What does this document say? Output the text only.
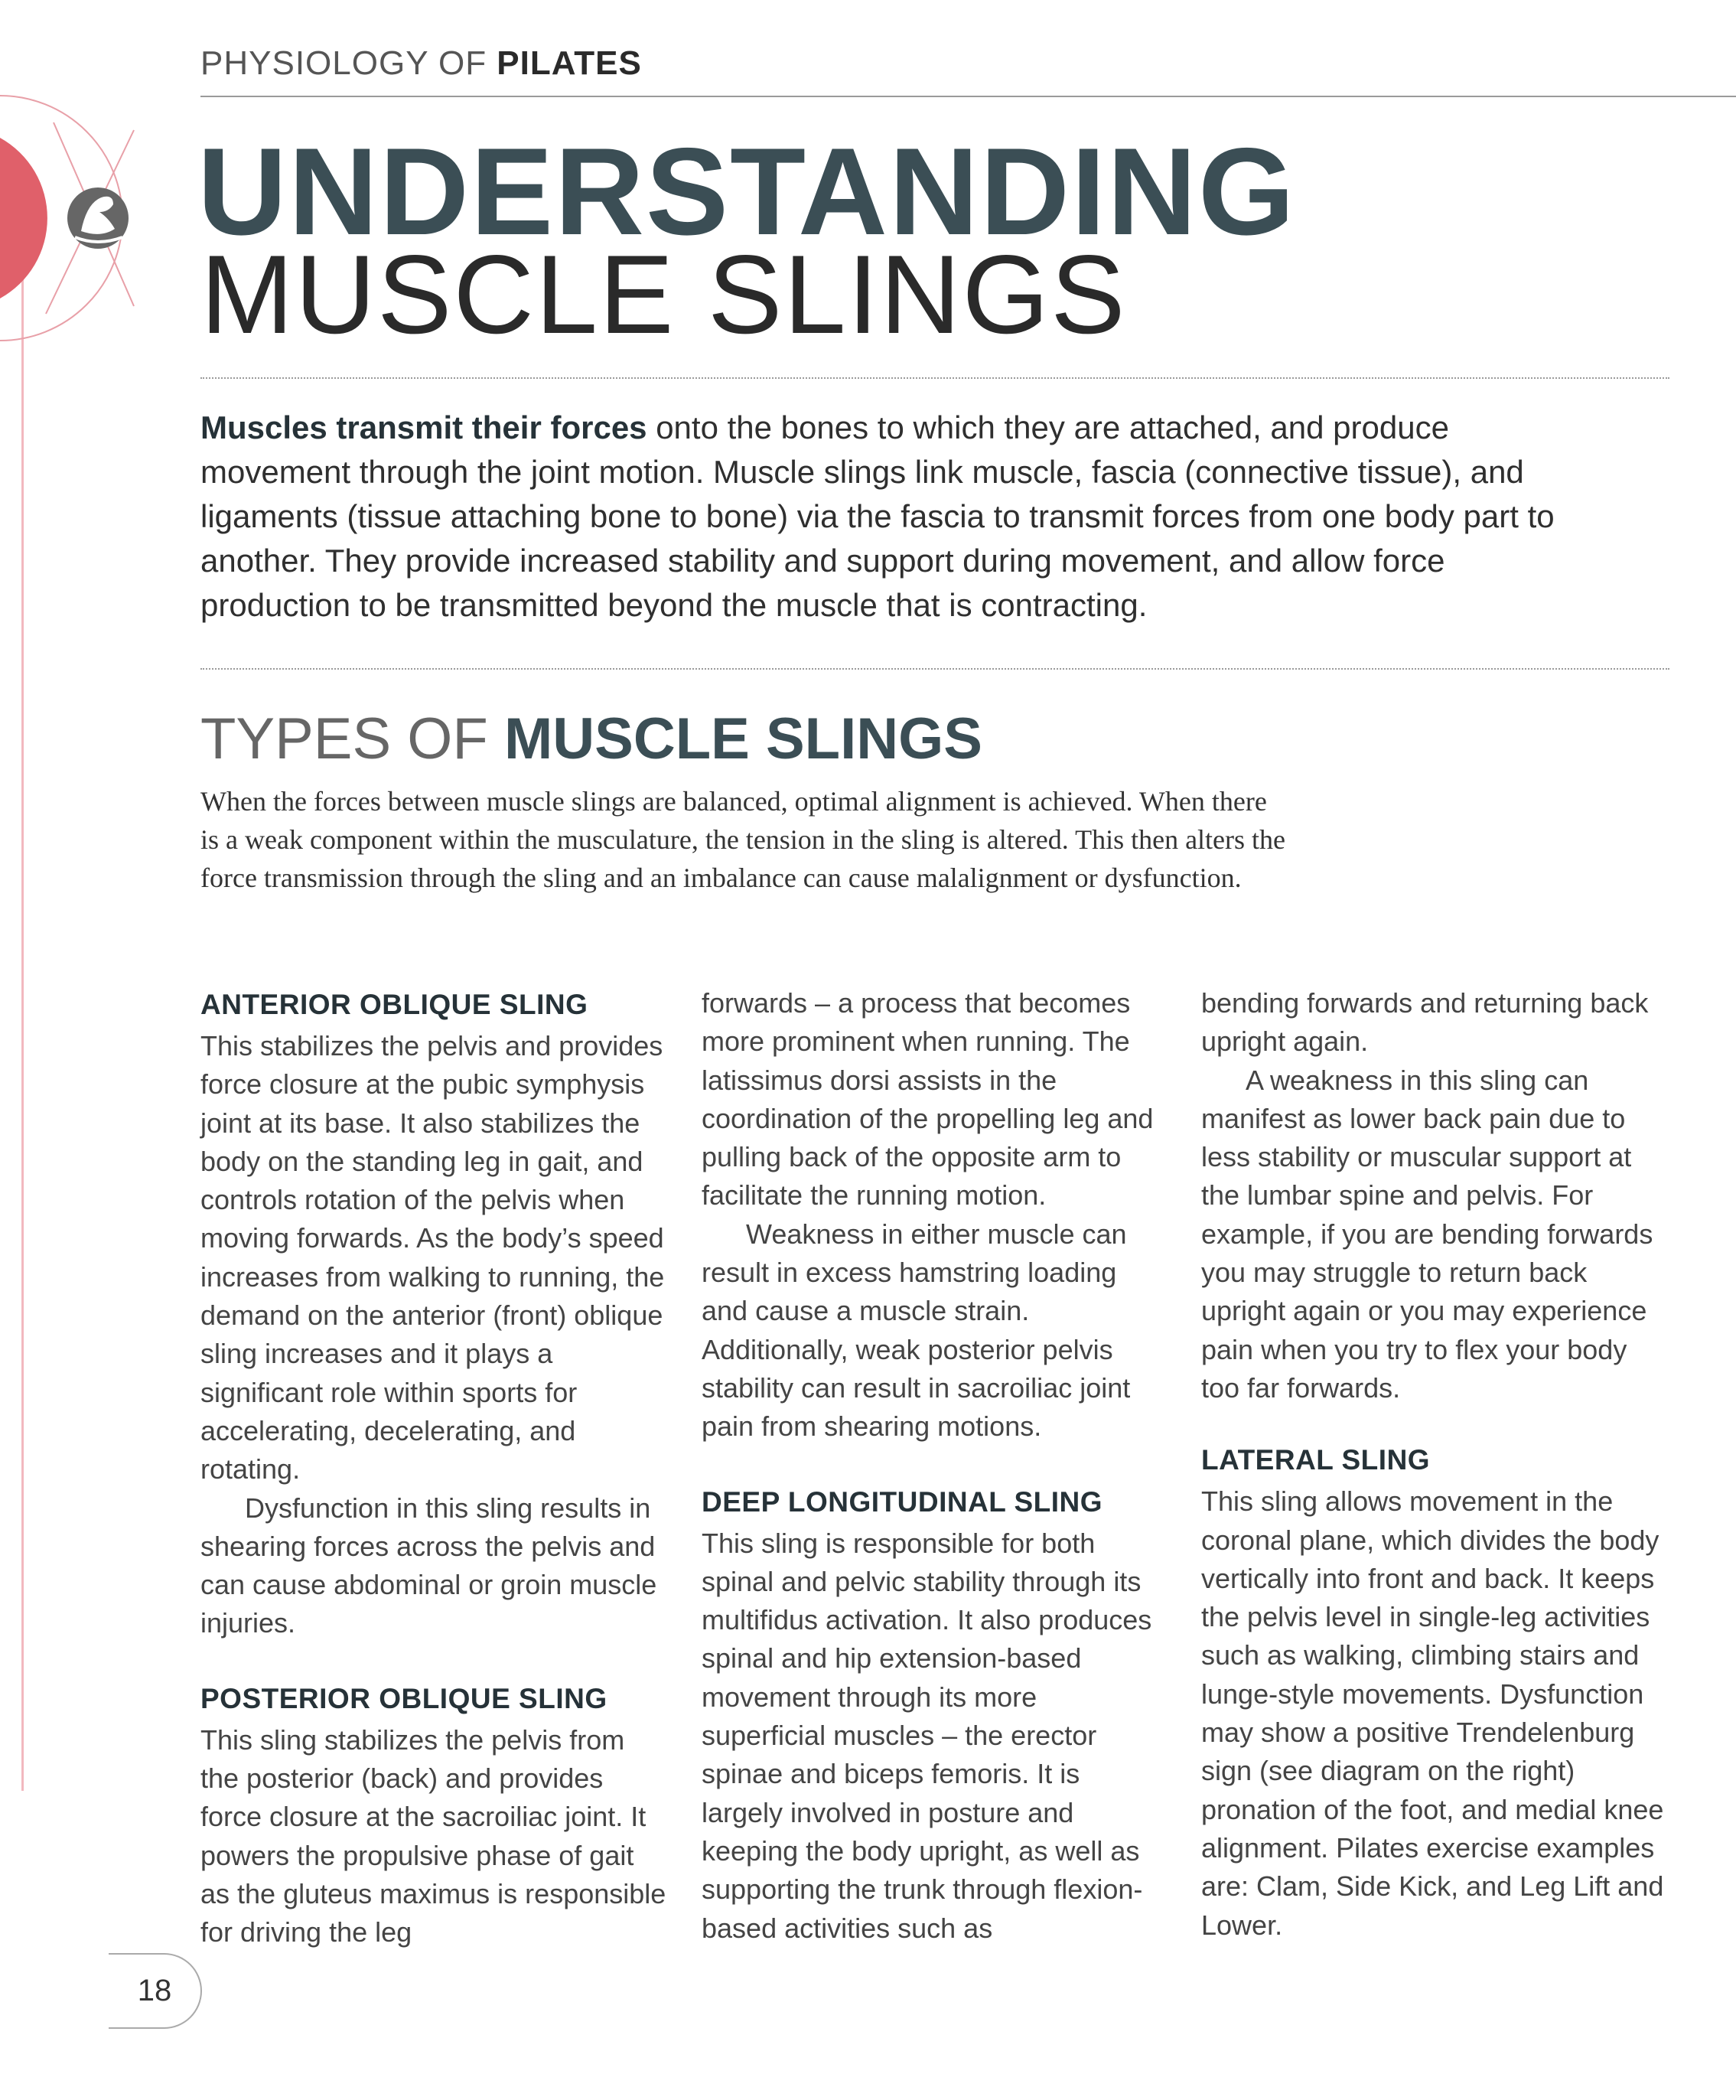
PHYSIOLOGY OF PILATES
UNDERSTANDING
MUSCLE SLINGS
Muscles transmit their forces onto the bones to which they are attached, and produce movement through the joint motion. Muscle slings link muscle, fascia (connective tissue), and ligaments (tissue attaching bone to bone) via the fascia to transmit forces from one body part to another. They provide increased stability and support during movement, and allow force production to be transmitted beyond the muscle that is contracting.
TYPES OF MUSCLE SLINGS
When the forces between muscle slings are balanced, optimal alignment is achieved. When there is a weak component within the musculature, the tension in the sling is altered. This then alters the force transmission through the sling and an imbalance can cause malalignment or dysfunction.
ANTERIOR OBLIQUE SLING

This stabilizes the pelvis and provides force closure at the pubic symphysis joint at its base. It also stabilizes the body on the standing leg in gait, and controls rotation of the pelvis when moving forwards. As the body’s speed increases from walking to running, the demand on the anterior (front) oblique sling increases and it plays a significant role within sports for accelerating, decelerating, and rotating.

Dysfunction in this sling results in shearing forces across the pelvis and can cause abdominal or groin muscle injuries.

POSTERIOR OBLIQUE SLING

This sling stabilizes the pelvis from the posterior (back) and provides force closure at the sacroiliac joint. It powers the propulsive phase of gait as the gluteus maximus is responsible for driving the leg

forwards – a process that becomes more prominent when running. The latissimus dorsi assists in the coordination of the propelling leg and pulling back of the opposite arm to facilitate the running motion.

Weakness in either muscle can result in excess hamstring loading and cause a muscle strain. Additionally, weak posterior pelvis stability can result in sacroiliac joint pain from shearing motions.

DEEP LONGITUDINAL SLING

This sling is responsible for both spinal and pelvic stability through its multifidus activation. It also produces spinal and hip extension-based movement through its more superficial muscles – the erector spinae and biceps femoris. It is largely involved in posture and keeping the body upright, as well as supporting the trunk through flexion-based activities such as

bending forwards and returning back upright again.

A weakness in this sling can manifest as lower back pain due to less stability or muscular support at the lumbar spine and pelvis. For example, if you are bending forwards you may struggle to return back upright again or you may experience pain when you try to flex your body too far forwards.

LATERAL SLING

This sling allows movement in the coronal plane, which divides the body vertically into front and back. It keeps the pelvis level in single-leg activities such as walking, climbing stairs and lunge-style movements. Dysfunction may show a positive Trendelenburg sign (see diagram on the right) pronation of the foot, and medial knee alignment. Pilates exercise examples are: Clam, Side Kick, and Leg Lift and Lower.

18
